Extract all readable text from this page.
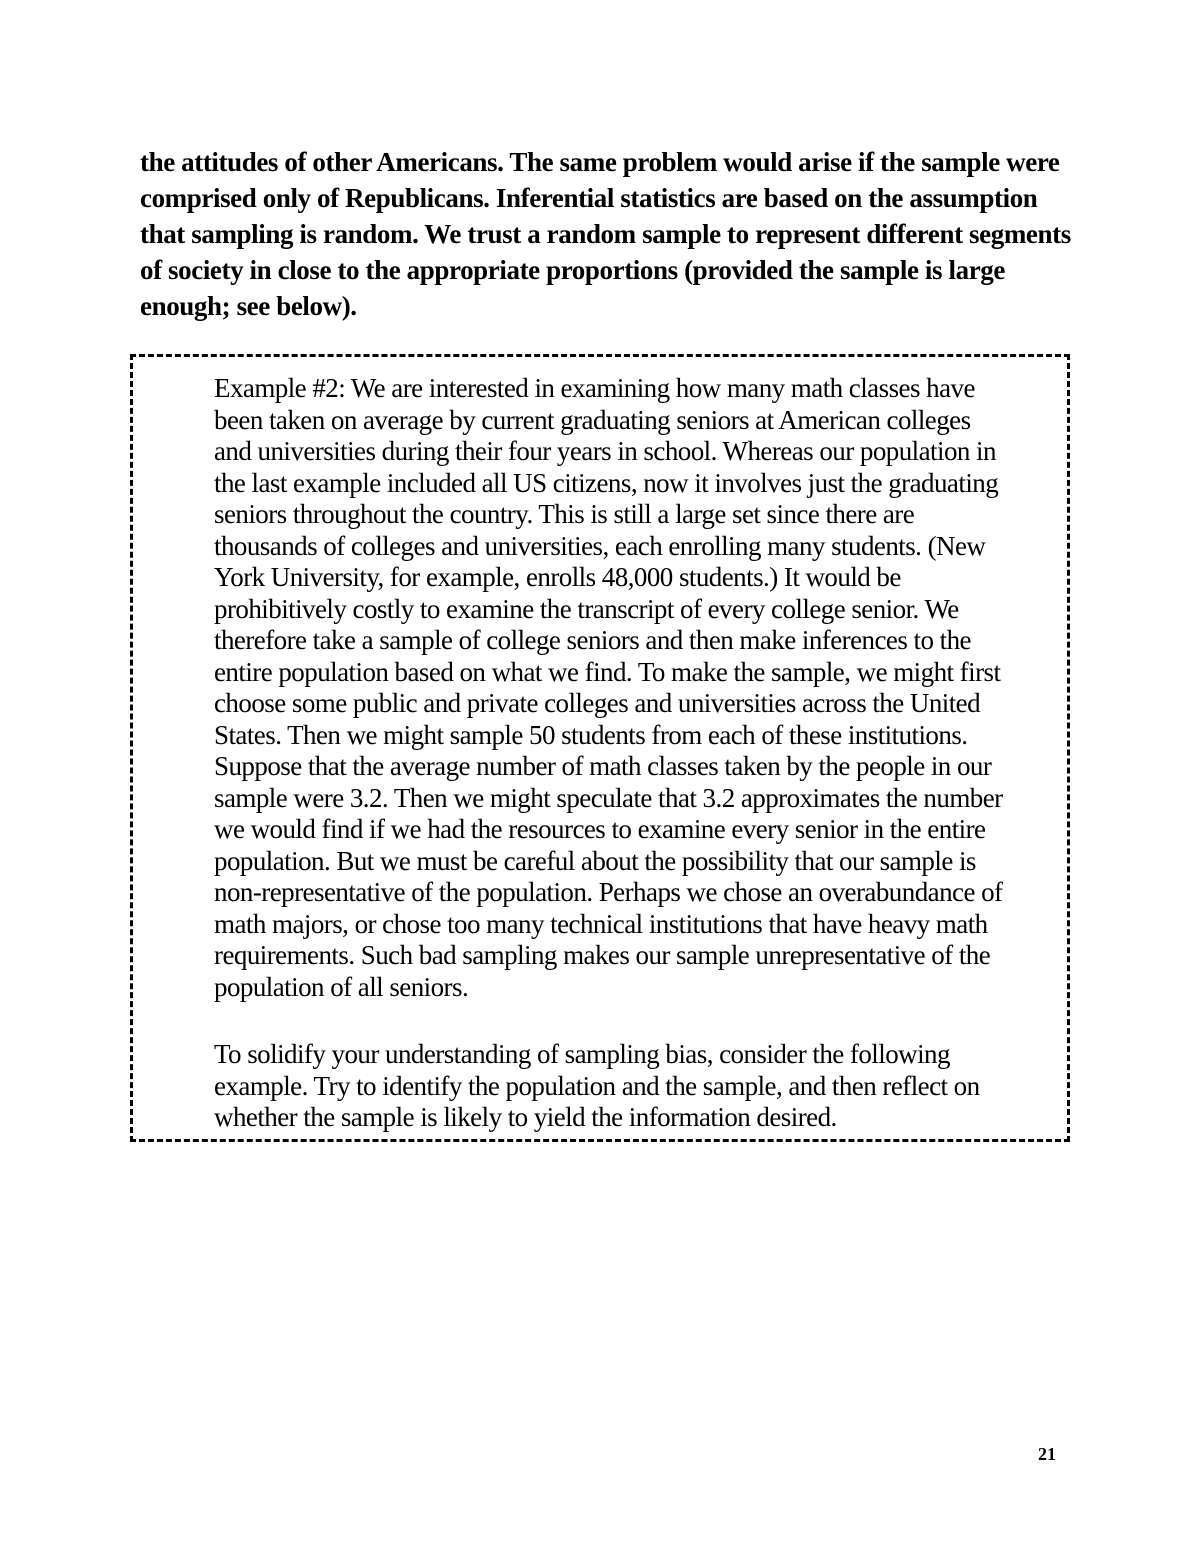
the attitudes of other Americans. The same problem would arise if the sample were
comprised only of Republicans. Inferential statistics are based on the assumption
that sampling is random. We trust a random sample to represent different segments
of society in close to the appropriate proportions (provided the sample is large
enough; see below).

Example #2: We are interested in examining how many math classes have
been taken on average by current graduating seniors at American colleges
and universities during their four years in school. Whereas our population in
the last example included all US citizens, now it involves just the graduating
seniors throughout the country. This is still a large set since there are
thousands of colleges and universities, each enrolling many students. (New
York University, for example, enrolls 48,000 students.) It would be
prohibitively costly to examine the transcript of every college senior. We
therefore take a sample of college seniors and then make inferences to the
entire population based on what we find. To make the sample, we might first
choose some public and private colleges and universities across the United
States. Then we might sample 50 students from each of these institutions.
Suppose that the average number of math classes taken by the people in our
sample were 3.2. Then we might speculate that 3.2 approximates the number
we would find if we had the resources to examine every senior in the entire
population. But we must be careful about the possibility that our sample is
non-representative of the population. Perhaps we chose an overabundance of
math majors, or chose too many technical institutions that have heavy math
requirements. Such bad sampling makes our sample unrepresentative of the
population of all seniors.

To solidify your understanding of sampling bias, consider the following
example. Try to identify the population and the sample, and then reflect on
whether the sample is likely to yield the information desired.

21
